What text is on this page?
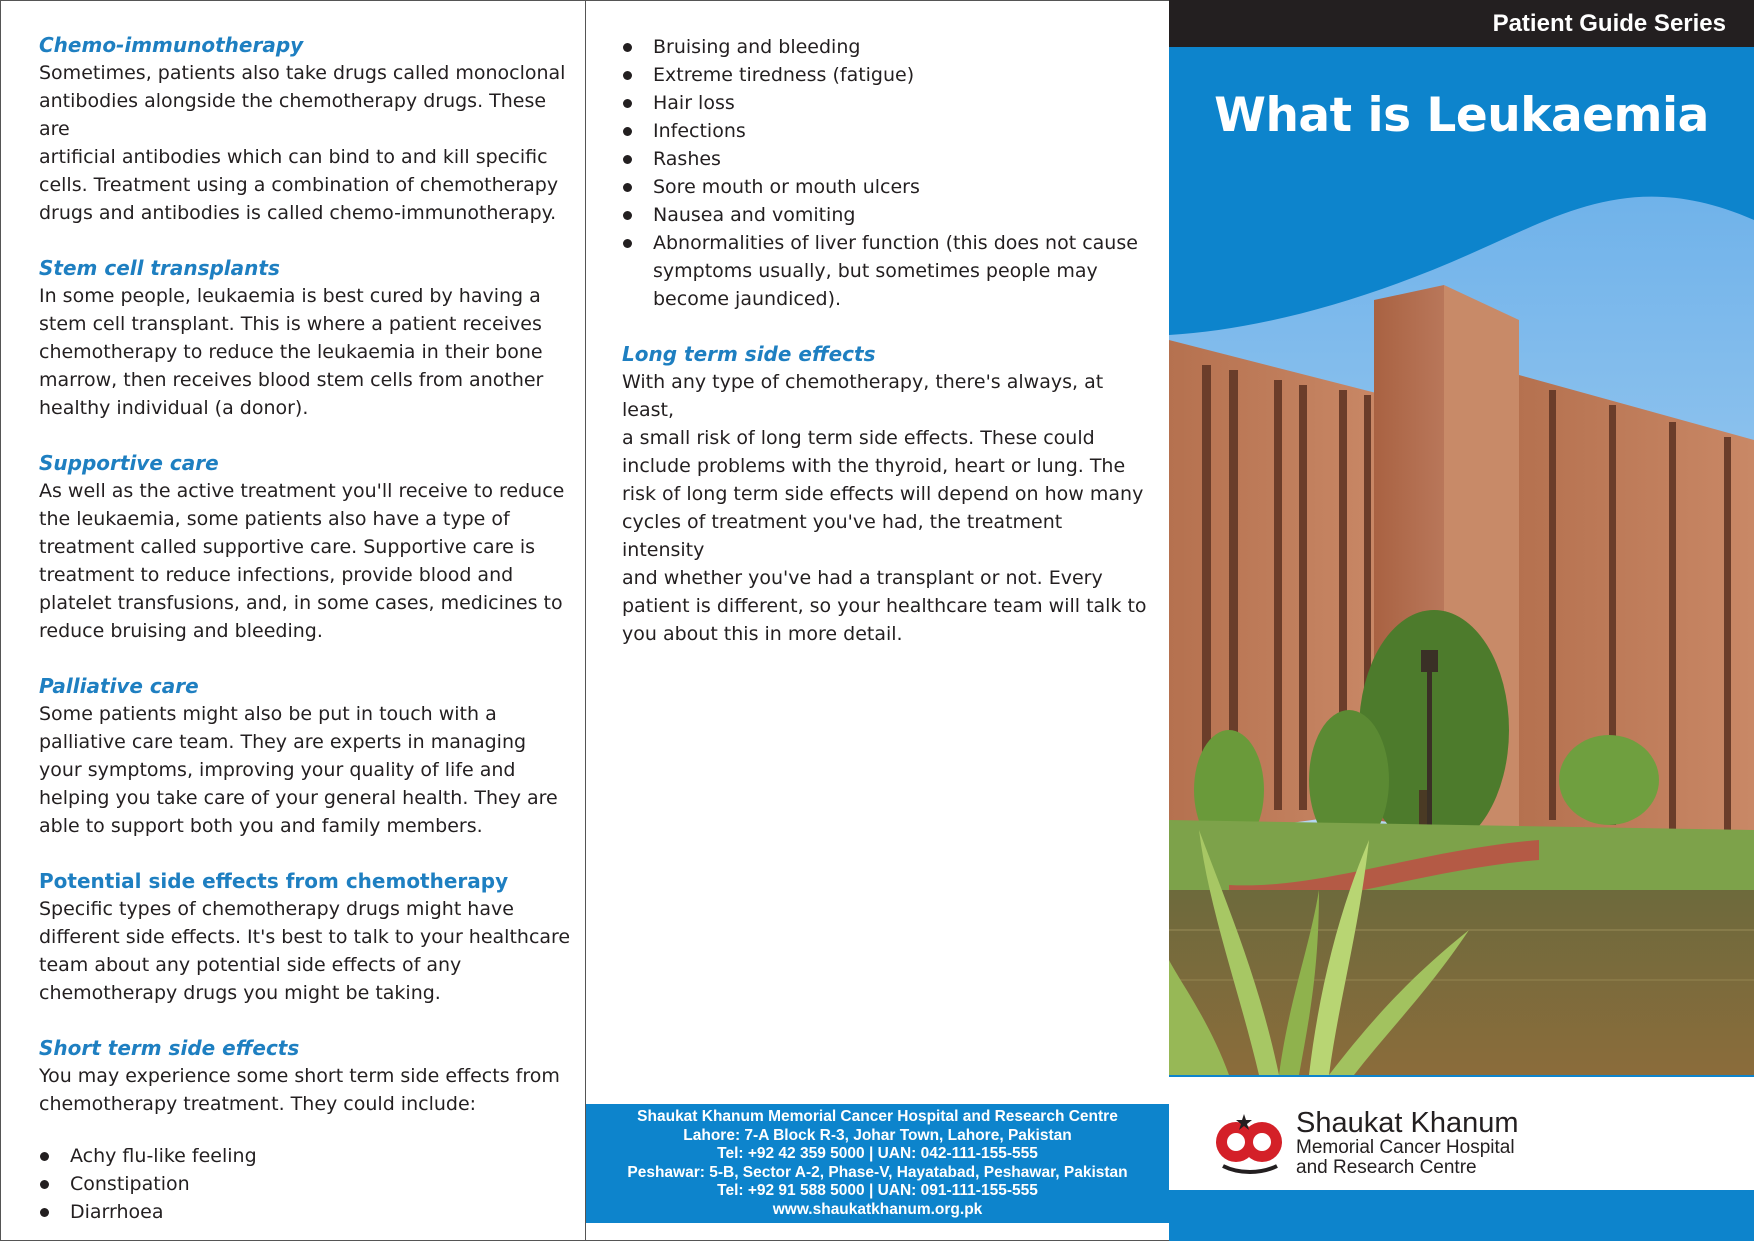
Chemo-immunotherapy
Sometimes, patients also take drugs called monoclonal
antibodies alongside the chemotherapy drugs. These are
artificial antibodies which can bind to and kill specific
cells. Treatment using a combination of chemotherapy
drugs and antibodies is called chemo-immunotherapy.
Stem cell transplants
In some people, leukaemia is best cured by having a
stem cell transplant. This is where a patient receives
chemotherapy to reduce the leukaemia in their bone
marrow, then receives blood stem cells from another
healthy individual (a donor).
Supportive care
As well as the active treatment you'll receive to reduce
the leukaemia, some patients also have a type of
treatment called supportive care. Supportive care is
treatment to reduce infections, provide blood and
platelet transfusions, and, in some cases, medicines to
reduce bruising and bleeding.
Palliative care
Some patients might also be put in touch with a
palliative care team. They are experts in managing
your symptoms, improving your quality of life and
helping you take care of your general health. They are
able to support both you and family members.
Potential side effects from chemotherapy
Specific types of chemotherapy drugs might have
different side effects. It's best to talk to your healthcare
team about any potential side effects of any
chemotherapy drugs you might be taking.
Short term side effects
You may experience some short term side effects from
chemotherapy treatment. They could include:
Achy flu-like feeling
Constipation
Diarrhoea
Bruising and bleeding
Extreme tiredness (fatigue)
Hair loss
Infections
Rashes
Sore mouth or mouth ulcers
Nausea and vomiting
Abnormalities of liver function (this does not cause
symptoms usually, but sometimes people may
become jaundiced).
Long term side effects
With any type of chemotherapy, there's always, at least,
a small risk of long term side effects. These could
include problems with the thyroid, heart or lung. The
risk of long term side effects will depend on how many
cycles of treatment you've had, the treatment intensity
and whether you've had a transplant or not. Every
patient is different, so your healthcare team will talk to
you about this in more detail.
Shaukat Khanum Memorial Cancer Hospital and Research Centre
Lahore: 7-A Block R-3, Johar Town, Lahore, Pakistan
Tel: +92 42 359 5000 | UAN: 042-111-155-555
Peshawar: 5-B, Sector A-2, Phase-V, Hayatabad, Peshawar, Pakistan
Tel: +92 91 588 5000 | UAN: 091-111-155-555
www.shaukatkhanum.org.pk
Patient Guide Series
What is Leukaemia
Shaukat Khanum
Memorial Cancer Hospital
and Research Centre
